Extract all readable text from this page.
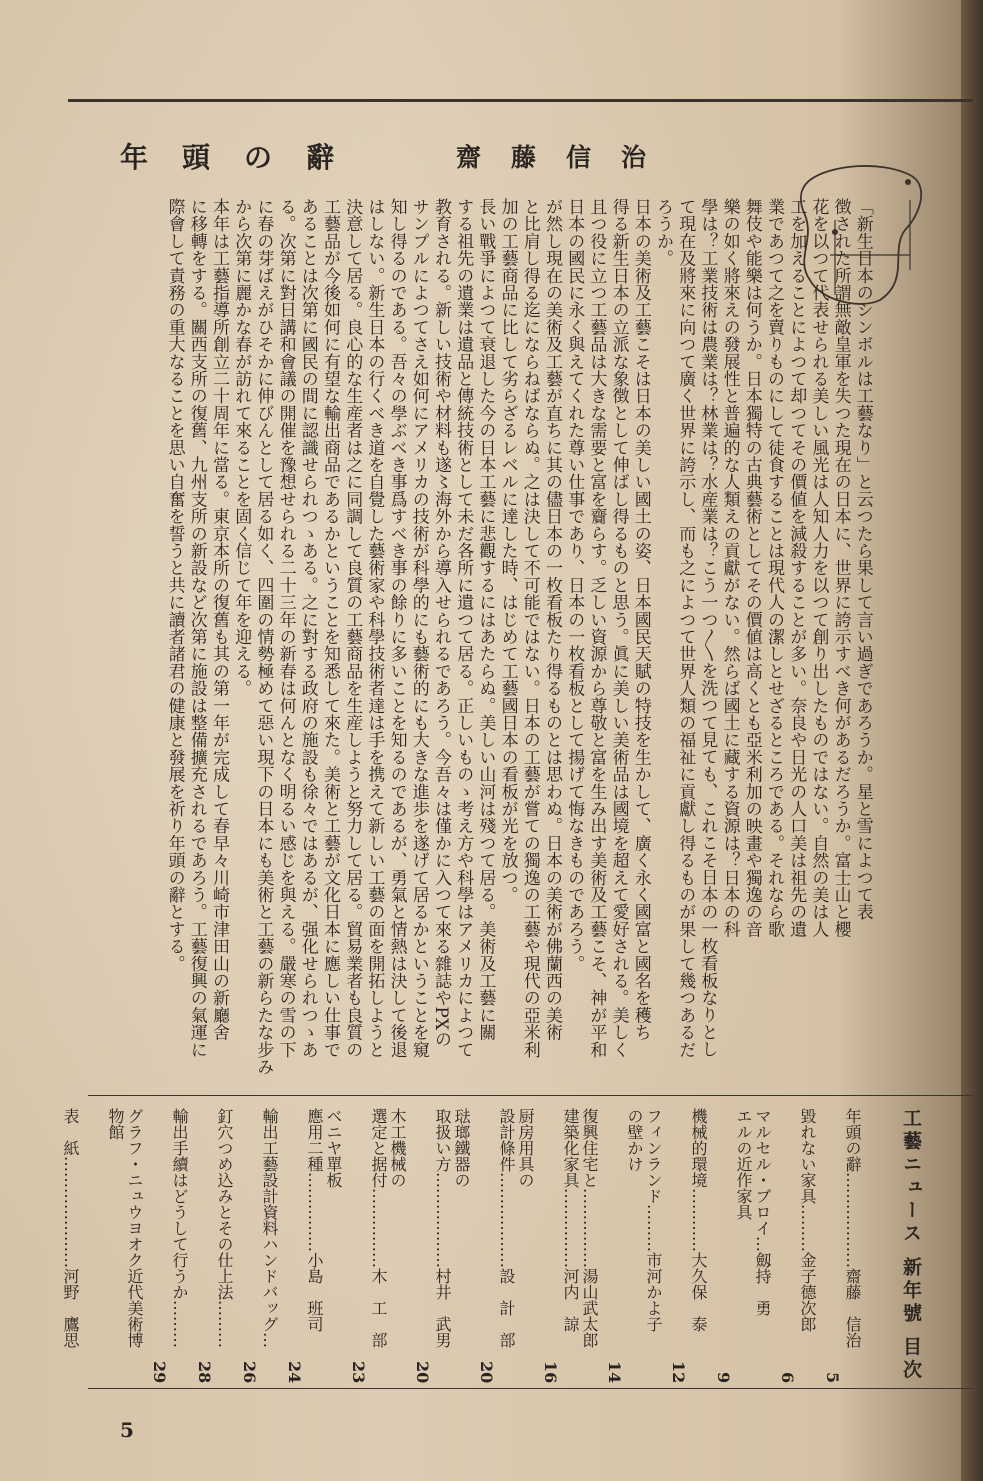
年頭の辭	齋藤信治
「新生日本のシンボルは工藝なり」と云つたら果して言い過ぎであろうか。星と雪によつて表
徴された所謂無敵皇軍を失つた現在の日本に、世界に誇示すべき何があるだろうか。富士山と櫻
花を以つて代表せられる美しい風光は人知人力を以つて創り出したものではない。自然の美は人
工を加えることによつて却つてその價値を減殺することが多い。奈良や日光の人口美は祖先の遺
業であつて之を賣りものにして徒食することは現代人の潔しとせざるところである。それなら歌
舞伎や能樂は何うか。日本獨特の古典藝術としてその價値は高くとも亞米利加の映畫や獨逸の音
樂の如く將來えの發展性と普遍的な人類えの貢獻がない。然らば國土に藏する資源は？日本の科
學は？工業技術は農業は？林業は？水産業は？こう一つ〳〵を洗つて見ても、これこそ日本の一枚看板なりとし
て現在及將來に向つて廣く世界に誇示し、而も之によつて世界人類の福祉に貢獻し得るものが果して幾つあるだ
ろうか。
日本の美術及工藝こそは日本の美しい國土の姿、日本國民天賦の特技を生かして、廣く永く國富と國名を穫ち
得る新生日本の立派な象徴として伸ばし得るものと思う。眞に美しい美術品は國境を超えて愛好される。美しく
且つ役に立つ工藝品は大きな需要と富を齎らす。乏しい資源から尊敬と富を生み出す美術及工藝こそ、神が平和
日本の國民に永く與えてくれた尊い仕事であり、日本の一枚看板として揚げて悔なきものであろう。
が然し現在の美術及工藝が直ちに其の儘日本の一枚看板たり得るものとは思わぬ。日本の美術が佛蘭西の美術
と比肩し得る迄にならねばならぬ。之は決して不可能ではない。日本の工藝が嘗ての獨逸の工藝や現代の亞米利
加の工藝商品に比して劣らざるレベルに達した時、はじめて工藝國日本の看板が光を放つ。
長い戰爭によつて衰退した今の日本工藝に悲觀するにはあたらぬ。美しい山河は殘つて居る。美術及工藝に關
する祖先の遺業は遺品と傳統技術として未だ各所に遺つて居る。正しいものゝ考え方や科學はアメリカによつて
教育される。新しい技術や材料も遂〻海外から導入せられるであろう。今吾々は僅かに入つて來る雜誌やPXの
サンプルによつてさえ如何にアメリカの技術が科學的にも藝術的にも大きな進歩を遂げて居るかということを窺
知し得るのである。吾々の學ぶべき事爲すべき事の餘りに多いことを知るのであるが、勇氣と情熱は決して後退
はしない。新生日本の行くべき道を自覺した藝術家や科學技術者達は手を携えて新しい工藝の面を開拓しようと
決意して居る。良心的な生産者は之に同調して良質の工藝商品を生産しようと努力して居る。貿易業者も良質の
工藝品が今後如何に有望な輸出商品であるかということを知悉して來た。美術と工藝が文化日本に應しい仕事で
あることは次第に國民の間に認識せられつゝある。之に對する政府の施設も徐々ではあるが、强化せられつゝあ
る。次第に對日講和會議の開催を豫想せられる二十三年の新春は何んとなく明るい感じを與える。嚴寒の雪の下
に春の芽ばえがひそかに伸びんとして居る如く、四圍の情勢極めて惡い現下の日本にも美術と工藝の新らたな步み
から次第に麗かな春が訪れて來ることを固く信じて年を迎える。
本年は工藝指導所創立二十周年に當る。東京本所の復舊も其の第一年が完成して春早々川崎市津田山の新廳舍
に移轉をする。關西支所の復舊、九州支所の新設など次第に施設は整備擴充されるであろう。工藝復興の氣運に
際會して責務の重大なることを思い自奮を誓うと共に讀者諸君の健康と發展を祈り年頭の辭とする。
工藝ニュース 新年號 目次
年頭の辭………………齋藤　信治
5
毀れない家具………金子德次郎
6
マルセル・ブロイ…劔持　勇
エルの近作家具
9
機械的環境…………大久保　泰
12
フィンランド………市河かよ子
の壁かけ
14
復興住宅と……………湯山武太郎
建築化家具……………河内　諒
16
厨房用具の
設計條件………………設　計　部
20
琺瑯鐵器の
取扱い方………………村井　武男
20
木工機械の
選定と据付……………木　工　部
23
ベニヤ單板
應用二種……………小島　班司
24
輸出工藝設計資料ハンドバッグ…
26
釘穴つめ込みとその仕上法………
28
輸出手續はどうして行うか………
29
グラフ・ニュウヨオク近代美術博
物館
表　紙…………………河野　鷹思
5
